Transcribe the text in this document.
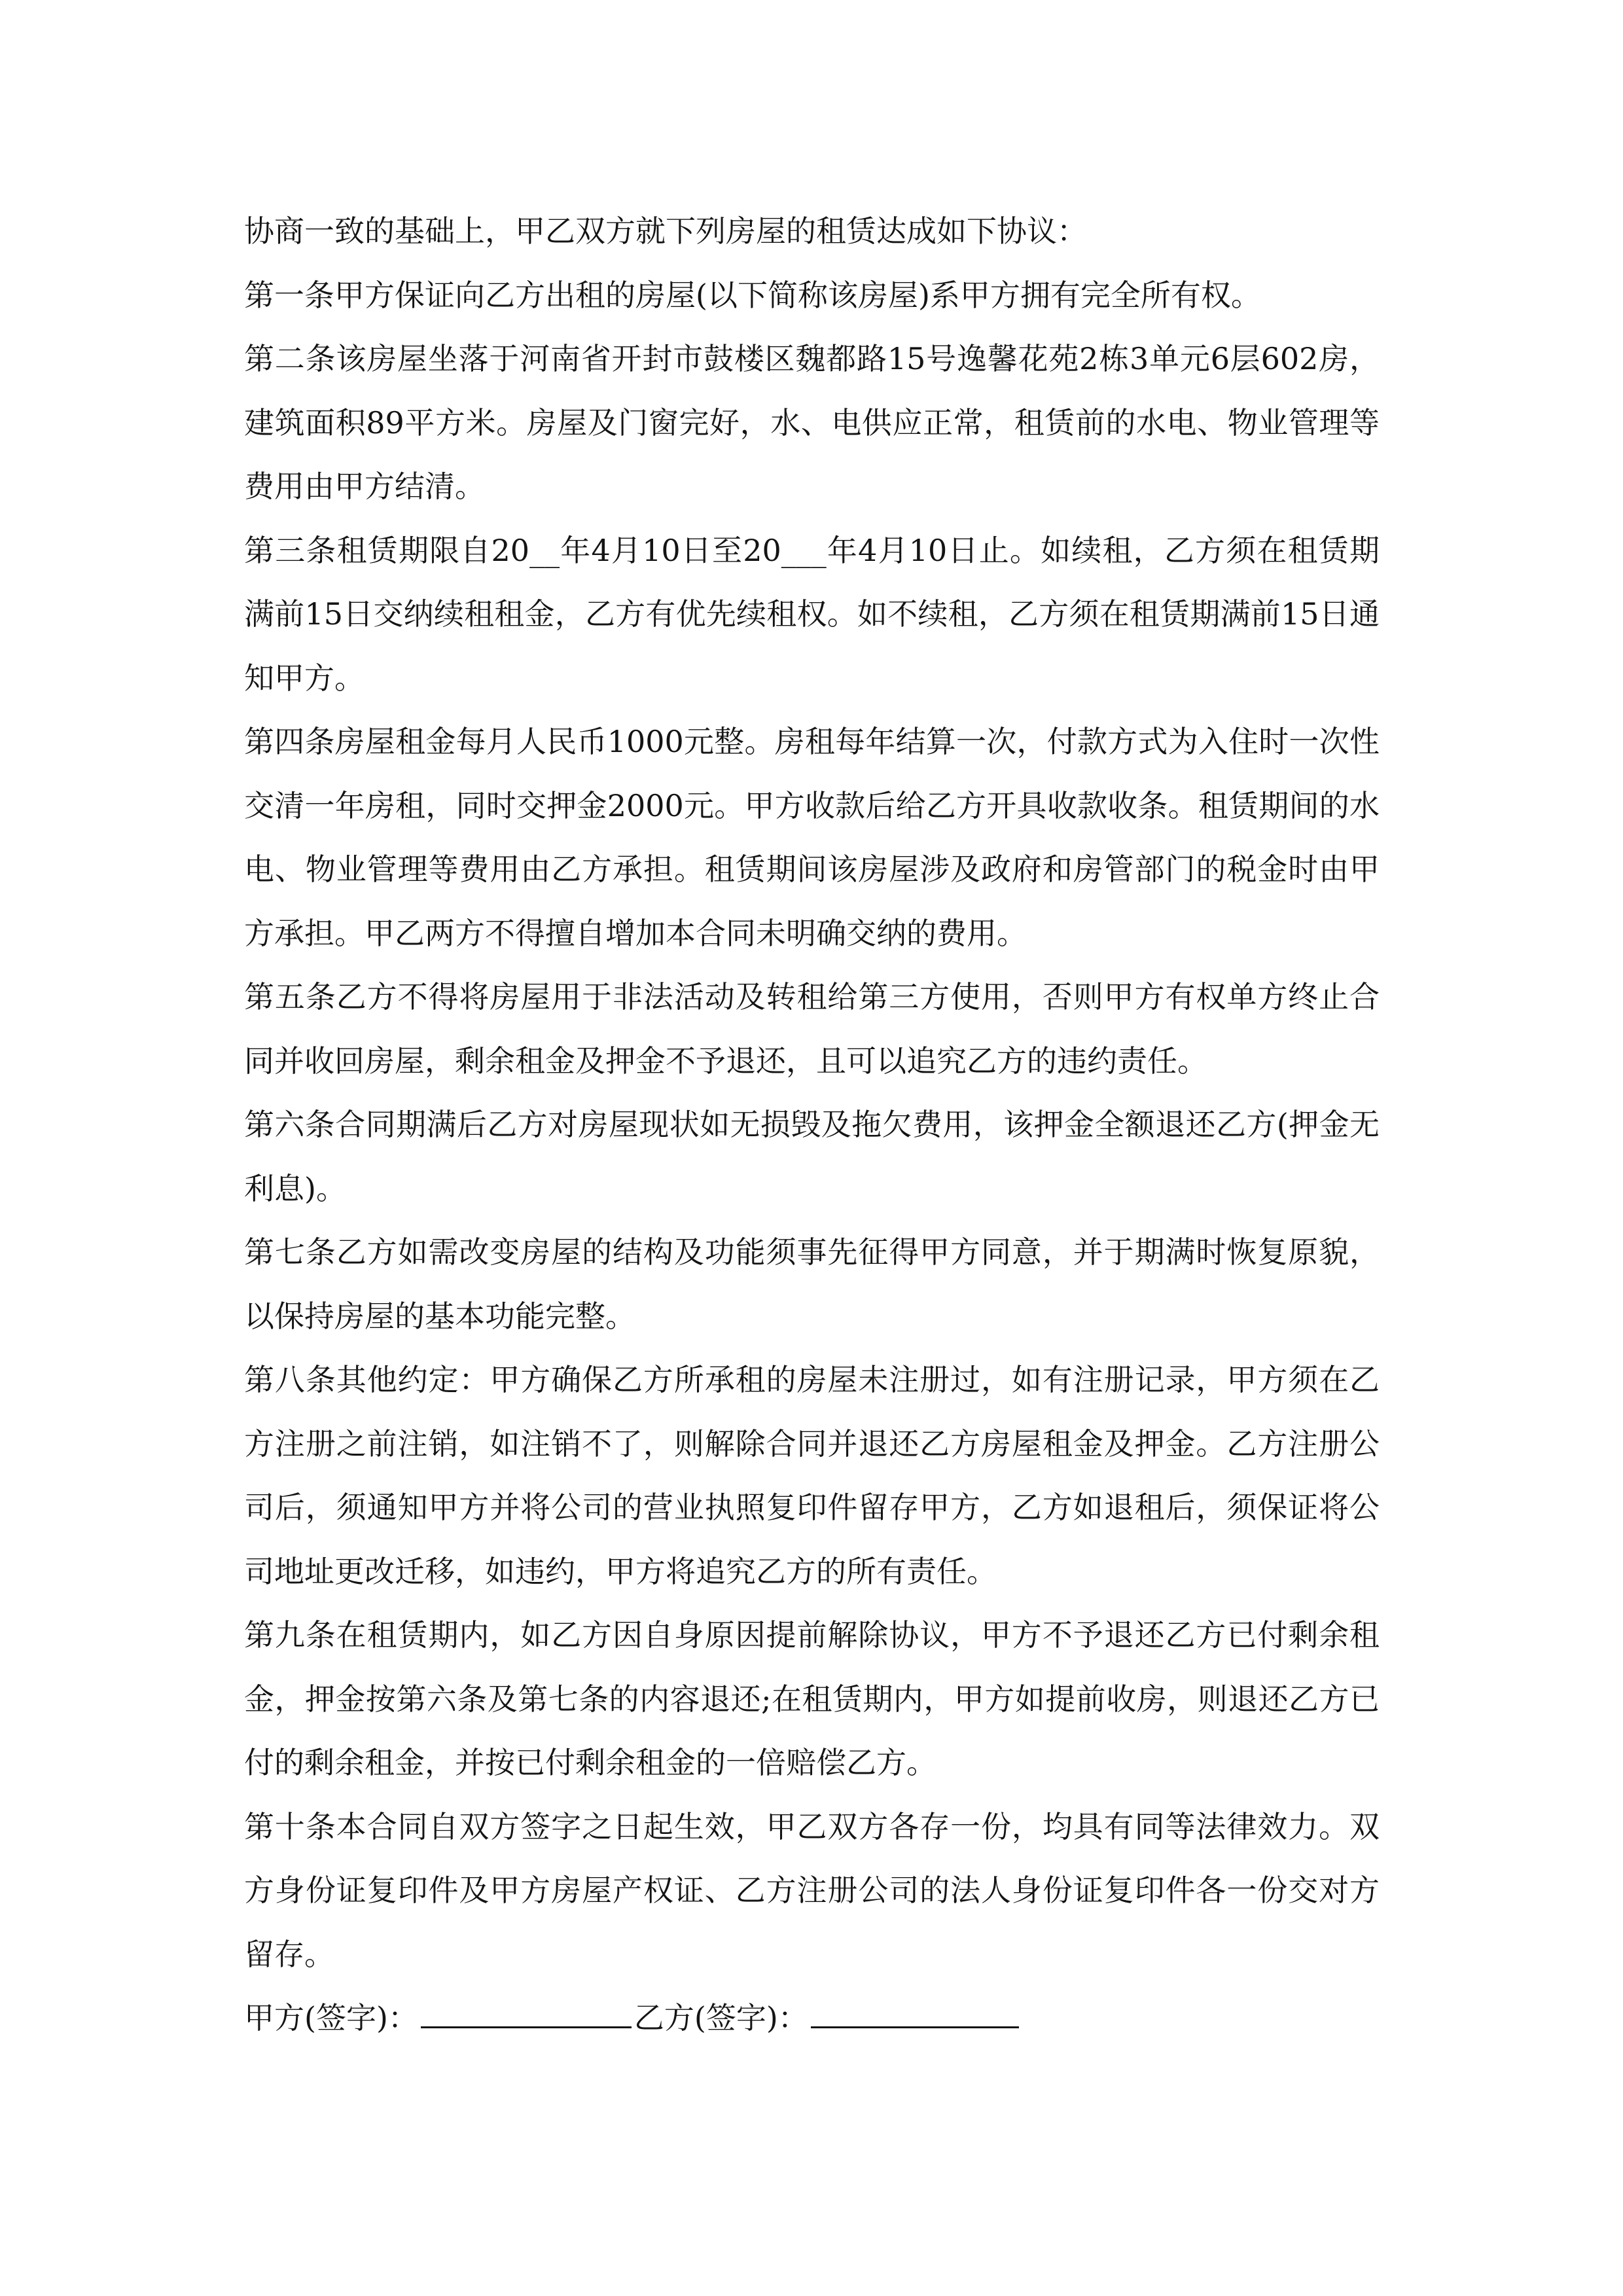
协商一致的基础上，甲乙双方就下列房屋的租赁达成如下协议：

第一条甲方保证向乙方出租的房屋(以下简称该房屋)系甲方拥有完全所有权。

第二条该房屋坐落于河南省开封市鼓楼区魏都路15号逸馨花苑2栋3单元6层602房，建筑面积89平方米。房屋及门窗完好，水、电供应正常，租赁前的水电、物业管理等费用由甲方结清。

第三条租赁期限自20__年4月10日至20___年4月10日止。如续租，乙方须在租赁期满前15日交纳续租租金，乙方有优先续租权。如不续租，乙方须在租赁期满前15日通知甲方。

第四条房屋租金每月人民币1000元整。房租每年结算一次，付款方式为入住时一次性交清一年房租，同时交押金2000元。甲方收款后给乙方开具收款收条。租赁期间的水电、物业管理等费用由乙方承担。租赁期间该房屋涉及政府和房管部门的税金时由甲方承担。甲乙两方不得擅自增加本合同未明确交纳的费用。

第五条乙方不得将房屋用于非法活动及转租给第三方使用，否则甲方有权单方终止合同并收回房屋，剩余租金及押金不予退还，且可以追究乙方的违约责任。

第六条合同期满后乙方对房屋现状如无损毁及拖欠费用，该押金全额退还乙方(押金无利息)。

第七条乙方如需改变房屋的结构及功能须事先征得甲方同意，并于期满时恢复原貌，以保持房屋的基本功能完整。

第八条其他约定：甲方确保乙方所承租的房屋未注册过，如有注册记录，甲方须在乙方注册之前注销，如注销不了，则解除合同并退还乙方房屋租金及押金。乙方注册公司后，须通知甲方并将公司的营业执照复印件留存甲方，乙方如退租后，须保证将公司地址更改迁移，如违约，甲方将追究乙方的所有责任。

第九条在租赁期内，如乙方因自身原因提前解除协议，甲方不予退还乙方已付剩余租金，押金按第六条及第七条的内容退还;在租赁期内，甲方如提前收房，则退还乙方已付的剩余租金，并按已付剩余租金的一倍赔偿乙方。

第十条本合同自双方签字之日起生效，甲乙双方各存一份，均具有同等法律效力。双方身份证复印件及甲方房屋产权证、乙方注册公司的法人身份证复印件各一份交对方留存。

甲方(签字)：	乙方(签字)：
